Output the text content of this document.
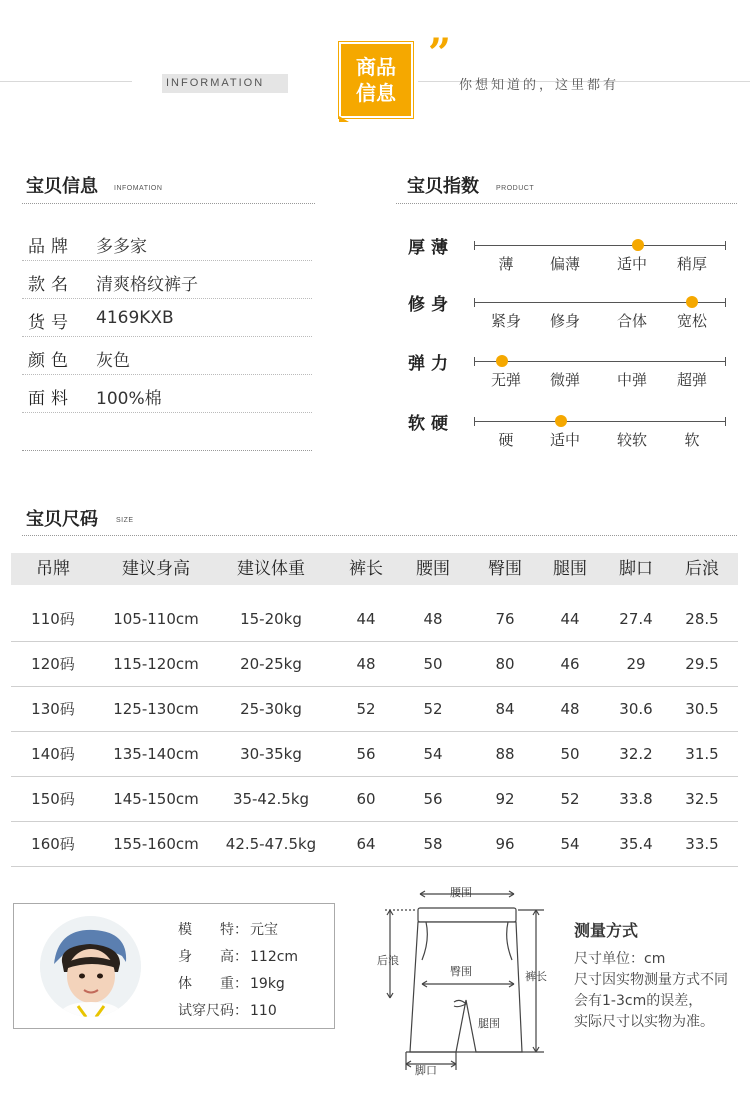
INFORMATION
商品
信息
”
你想知道的，这里都有
宝贝信息 INFOMATION
品牌 多多家
款名 清爽格纹裤子
货号 4169KXB
颜色 灰色
面料 100%棉
宝贝指数 PRODUCT
厚薄
薄	偏薄	适中	稍厚
修身
紧身	修身	合体	宽松
弹力
无弹	微弹	中弹	超弹
软硬
硬	适中	较软	软
宝贝尺码	SIZE
吊牌	建议身高	建议体重	裤长	腰围	臀围	腿围	脚口	后浪
110码	105-110cm	15-20kg	44	48	76	44	27.4	28.5
120码	115-120cm	20-25kg	48	50	80	46	29	29.5
130码	125-130cm	25-30kg	52	52	84	48	30.6	30.5
140码	135-140cm	30-35kg	56	54	88	50	32.2	31.5
150码	145-150cm	35-42.5kg	60	56	92	52	33.8	32.5
160码	155-160cm	42.5-47.5kg	64	58	96	54	35.4	33.5
模　　特： 元宝
身　　高： 112cm
体　　重： 19kg
试穿尺码： 110
腰围
后浪
臀围	裤长
腿围
脚口
测量方式
尺寸单位：cm
尺寸因实物测量方式不同
会有1-3cm的误差，
实际尺寸以实物为准。
